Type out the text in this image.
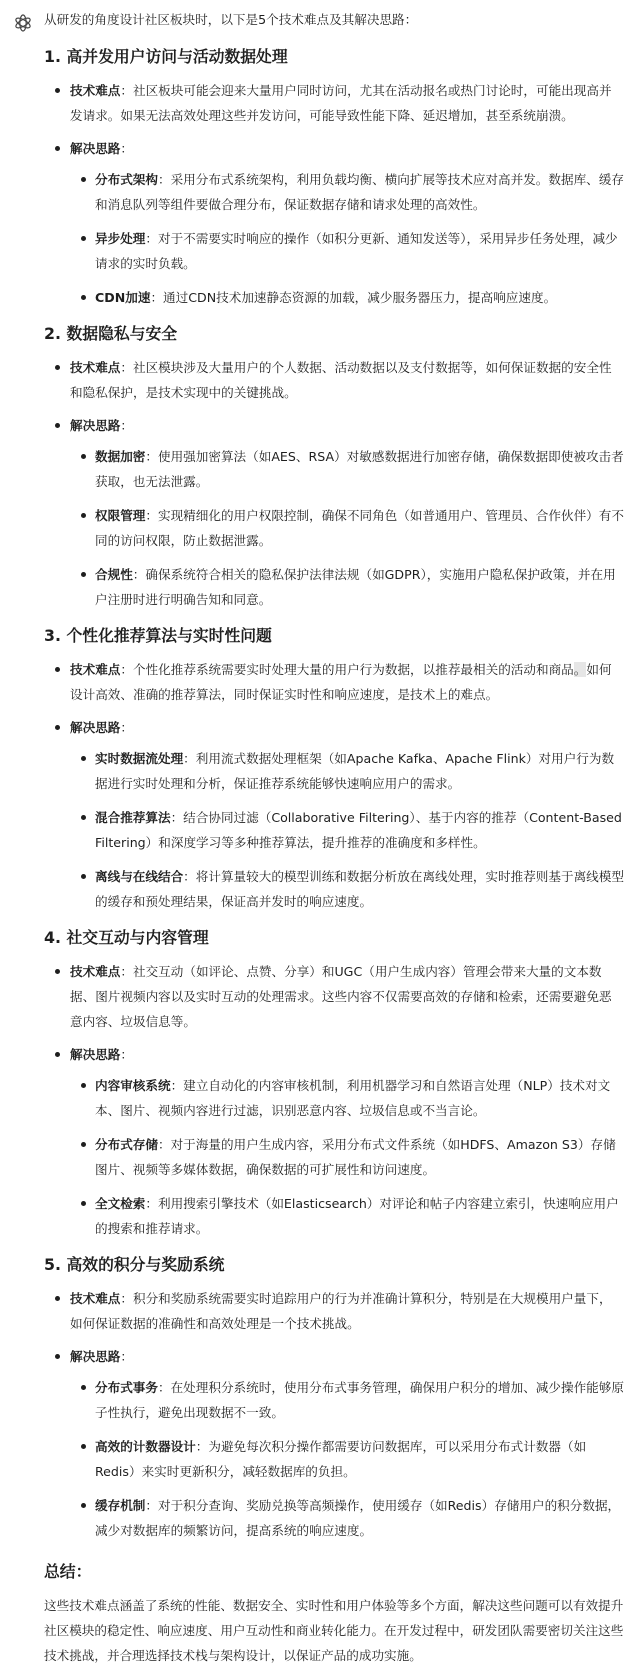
从研发的角度设计社区板块时，以下是5个技术难点及其解决思路：

1. 高并发用户访问与活动数据处理
技术难点：社区板块可能会迎来大量用户同时访问，尤其在活动报名或热门讨论时，可能出现高并发请求。如果无法高效处理这些并发访问，可能导致性能下降、延迟增加，甚至系统崩溃。
解决思路：
分布式架构：采用分布式系统架构，利用负载均衡、横向扩展等技术应对高并发。数据库、缓存和消息队列等组件要做合理分布，保证数据存储和请求处理的高效性。
异步处理：对于不需要实时响应的操作（如积分更新、通知发送等），采用异步任务处理，减少请求的实时负载。
CDN加速：通过CDN技术加速静态资源的加载，减少服务器压力，提高响应速度。
2. 数据隐私与安全
技术难点：社区模块涉及大量用户的个人数据、活动数据以及支付数据等，如何保证数据的安全性和隐私保护，是技术实现中的关键挑战。
解决思路：
数据加密：使用强加密算法（如AES、RSA）对敏感数据进行加密存储，确保数据即使被攻击者获取，也无法泄露。
权限管理：实现精细化的用户权限控制，确保不同角色（如普通用户、管理员、合作伙伴）有不同的访问权限，防止数据泄露。
合规性：确保系统符合相关的隐私保护法律法规（如GDPR），实施用户隐私保护政策，并在用户注册时进行明确告知和同意。
3. 个性化推荐算法与实时性问题
技术难点：个性化推荐系统需要实时处理大量的用户行为数据，以推荐最相关的活动和商品。如何设计高效、准确的推荐算法，同时保证实时性和响应速度，是技术上的难点。
解决思路：
实时数据流处理：利用流式数据处理框架（如Apache Kafka、Apache Flink）对用户行为数据进行实时处理和分析，保证推荐系统能够快速响应用户的需求。
混合推荐算法：结合协同过滤（Collaborative Filtering）、基于内容的推荐（Content-Based Filtering）和深度学习等多种推荐算法，提升推荐的准确度和多样性。
离线与在线结合：将计算量较大的模型训练和数据分析放在离线处理，实时推荐则基于离线模型的缓存和预处理结果，保证高并发时的响应速度。
4. 社交互动与内容管理
技术难点：社交互动（如评论、点赞、分享）和UGC（用户生成内容）管理会带来大量的文本数据、图片视频内容以及实时互动的处理需求。这些内容不仅需要高效的存储和检索，还需要避免恶意内容、垃圾信息等。
解决思路：
内容审核系统：建立自动化的内容审核机制，利用机器学习和自然语言处理（NLP）技术对文本、图片、视频内容进行过滤，识别恶意内容、垃圾信息或不当言论。
分布式存储：对于海量的用户生成内容，采用分布式文件系统（如HDFS、Amazon S3）存储图片、视频等多媒体数据，确保数据的可扩展性和访问速度。
全文检索：利用搜索引擎技术（如Elasticsearch）对评论和帖子内容建立索引，快速响应用户的搜索和推荐请求。
5. 高效的积分与奖励系统
技术难点：积分和奖励系统需要实时追踪用户的行为并准确计算积分，特别是在大规模用户量下，如何保证数据的准确性和高效处理是一个技术挑战。
解决思路：
分布式事务：在处理积分系统时，使用分布式事务管理，确保用户积分的增加、减少操作能够原子性执行，避免出现数据不一致。
高效的计数器设计：为避免每次积分操作都需要访问数据库，可以采用分布式计数器（如Redis）来实时更新积分，减轻数据库的负担。
缓存机制：对于积分查询、奖励兑换等高频操作，使用缓存（如Redis）存储用户的积分数据，减少对数据库的频繁访问，提高系统的响应速度。
总结：

这些技术难点涵盖了系统的性能、数据安全、实时性和用户体验等多个方面，解决这些问题可以有效提升社区模块的稳定性、响应速度、用户互动性和商业转化能力。在开发过程中，研发团队需要密切关注这些技术挑战，并合理选择技术栈与架构设计，以保证产品的成功实施。
